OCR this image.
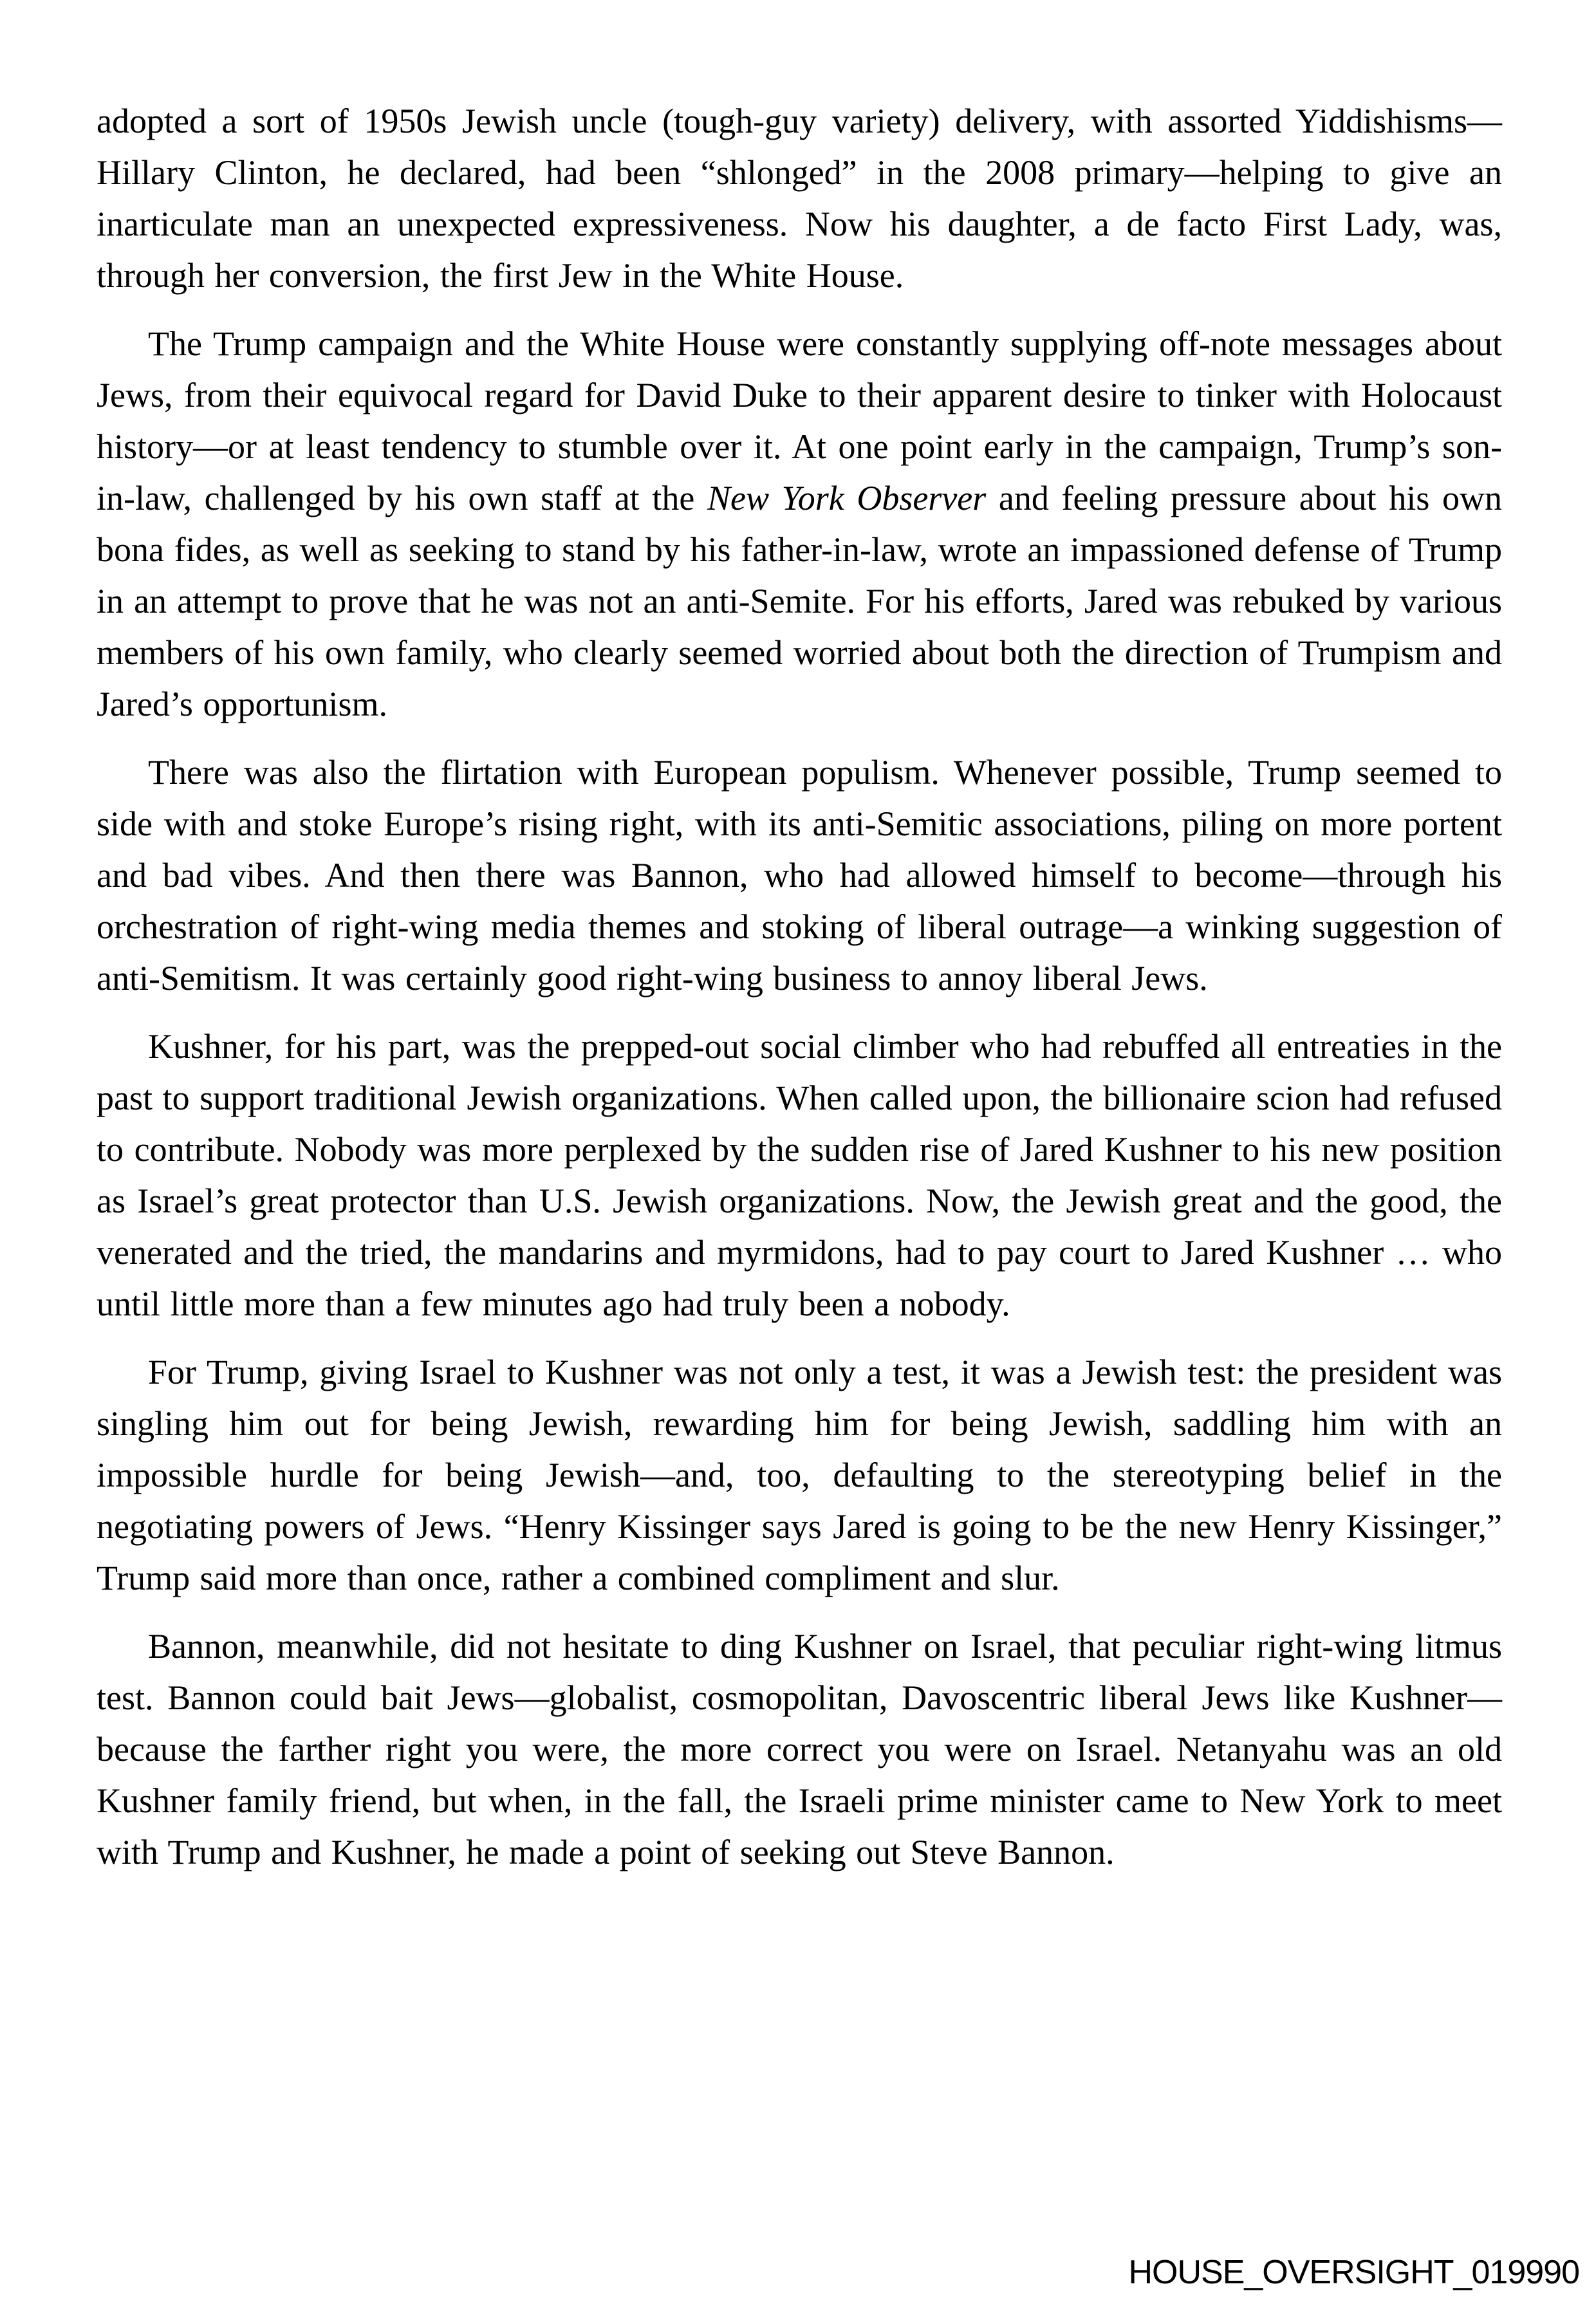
adopted a sort of 1950s Jewish uncle (tough-guy variety) delivery, with assorted Yiddishisms—Hillary Clinton, he declared, had been “shlonged” in the 2008 primary—helping to give an inarticulate man an unexpected expressiveness. Now his daughter, a de facto First Lady, was, through her conversion, the first Jew in the White House.

The Trump campaign and the White House were constantly supplying off-note messages about Jews, from their equivocal regard for David Duke to their apparent desire to tinker with Holocaust history—or at least tendency to stumble over it. At one point early in the campaign, Trump’s son-in-law, challenged by his own staff at the New York Observer and feeling pressure about his own bona fides, as well as seeking to stand by his father-in-law, wrote an impassioned defense of Trump in an attempt to prove that he was not an anti-Semite. For his efforts, Jared was rebuked by various members of his own family, who clearly seemed worried about both the direction of Trumpism and Jared’s opportunism.

There was also the flirtation with European populism. Whenever possible, Trump seemed to side with and stoke Europe’s rising right, with its anti-Semitic associations, piling on more portent and bad vibes. And then there was Bannon, who had allowed himself to become—through his orchestration of right-wing media themes and stoking of liberal outrage—a winking suggestion of anti-Semitism. It was certainly good right-wing business to annoy liberal Jews.

Kushner, for his part, was the prepped-out social climber who had rebuffed all entreaties in the past to support traditional Jewish organizations. When called upon, the billionaire scion had refused to contribute. Nobody was more perplexed by the sudden rise of Jared Kushner to his new position as Israel’s great protector than U.S. Jewish organizations. Now, the Jewish great and the good, the venerated and the tried, the mandarins and myrmidons, had to pay court to Jared Kushner … who until little more than a few minutes ago had truly been a nobody.

For Trump, giving Israel to Kushner was not only a test, it was a Jewish test: the president was singling him out for being Jewish, rewarding him for being Jewish, saddling him with an impossible hurdle for being Jewish—and, too, defaulting to the stereotyping belief in the negotiating powers of Jews. “Henry Kissinger says Jared is going to be the new Henry Kissinger,” Trump said more than once, rather a combined compliment and slur.

Bannon, meanwhile, did not hesitate to ding Kushner on Israel, that peculiar right-wing litmus test. Bannon could bait Jews—globalist, cosmopolitan, Davoscentric liberal Jews like Kushner—because the farther right you were, the more correct you were on Israel. Netanyahu was an old Kushner family friend, but when, in the fall, the Israeli prime minister came to New York to meet with Trump and Kushner, he made a point of seeking out Steve Bannon.

HOUSE_OVERSIGHT_019990
